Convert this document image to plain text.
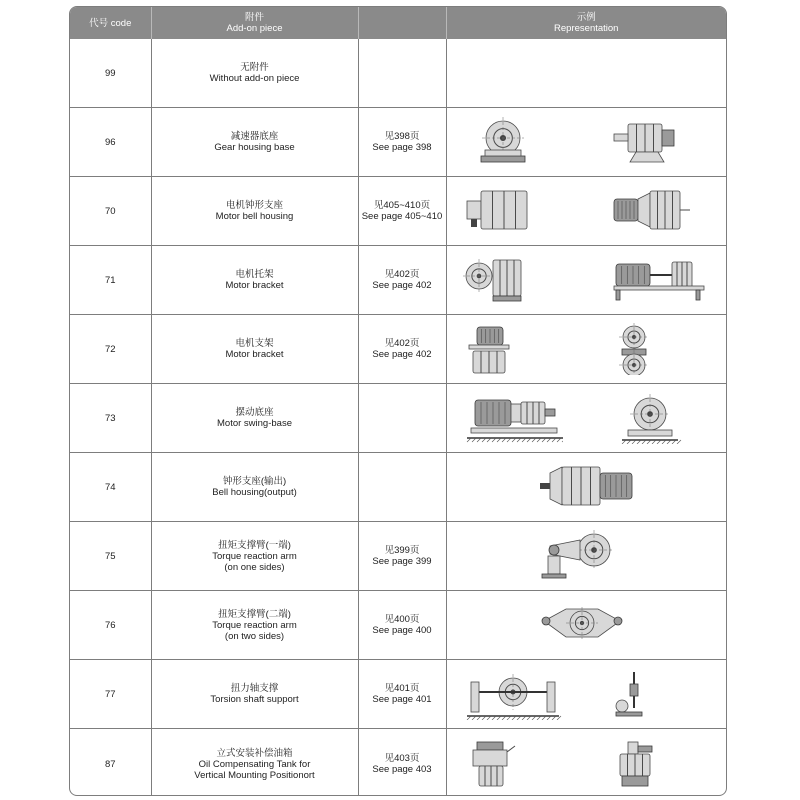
代号 code	附件
Add-on piece		示例
Representation

99	无附件
Without add-on piece		

96	减速器底座
Gear housing base	见398页
See page 398

70	电机钟形支座
Motor bell housing	见405~410页
See page 405~410

71	电机托架
Motor bracket	见402页
See page 402

72	电机支架
Motor bracket	见402页
See page 402

73	摆动底座
Motor swing-base

74	钟形支座(输出)
Bell housing(output)

75	扭矩支撑臂(一端)
Torque reaction arm
(on one sides)	见399页
See page 399

76	扭矩支撑臂(二端)
Torque reaction arm
(on two sides)	见400页
See page 400

77	扭力轴支撑
Torsion shaft support	见401页
See page 401

87	立式安装补偿油箱
Oil Compensating Tank for
Vertical Mounting Positionort	见403页
See page 403
